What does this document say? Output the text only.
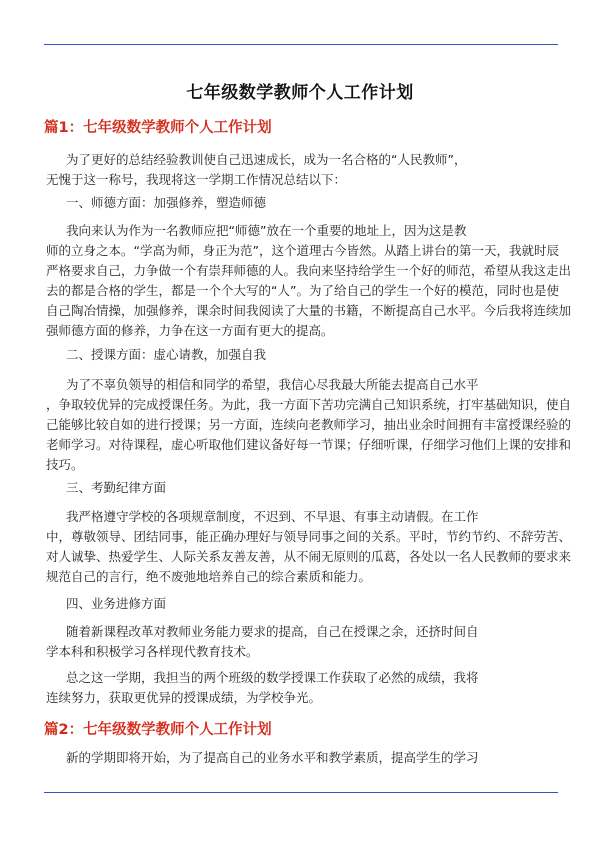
七年级数学教师个人工作计划
篇1：七年级数学教师个人工作计划
为了更好的总结经验教训使自己迅速成长，成为一名合格的“人民教师”，
无愧于这一称号，我现将这一学期工作情况总结以下：
一、师德方面：加强修养，塑造师德
我向来认为作为一名教师应把“师德”放在一个重要的地址上，因为这是教
师的立身之本。“学高为师，身正为范”，这个道理古今皆然。从踏上讲台的第一天，我就时辰
严格要求自己，力争做一个有崇拜师德的人。我向来坚持给学生一个好的师范，希望从我这走出
去的都是合格的学生，都是一个个大写的“人”。为了给自己的学生一个好的模范，同时也是使
自己陶冶情操，加强修养，课余时间我阅读了大量的书籍，不断提高自己水平。今后我将连续加
强师德方面的修养，力争在这一方面有更大的提高。
二、授课方面：虚心请教，加强自我
为了不辜负领导的相信和同学的希望，我信心尽我最大所能去提高自己水平
，争取较优异的完成授课任务。为此，我一方面下苦功完满自己知识系统，打牢基础知识，使自
己能够比较自如的进行授课；另一方面，连续向老教师学习，抽出业余时间拥有丰富授课经验的
老师学习。对待课程，虚心听取他们建议备好每一节课；仔细听课，仔细学习他们上课的安排和
技巧。
三、考勤纪律方面
我严格遵守学校的各项规章制度，不迟到、不早退、有事主动请假。在工作
中，尊敬领导、团结同事，能正确办理好与领导同事之间的关系。平时，节约节约、不辞劳苦、
对人诚挚、热爱学生、人际关系友善友善，从不闹无原则的瓜葛，各处以一名人民教师的要求来
规范自己的言行，绝不废弛地培养自己的综合素质和能力。
四、业务进修方面
随着新课程改革对教师业务能力要求的提高，自己在授课之余，还挤时间自
学本科和积极学习各样现代教育技术。
总之这一学期，我担当的两个班级的数学授课工作获取了必然的成绩，我将
连续努力，获取更优异的授课成绩，为学校争光。
篇2：七年级数学教师个人工作计划
新的学期即将开始，为了提高自己的业务水平和教学素质，提高学生的学习
